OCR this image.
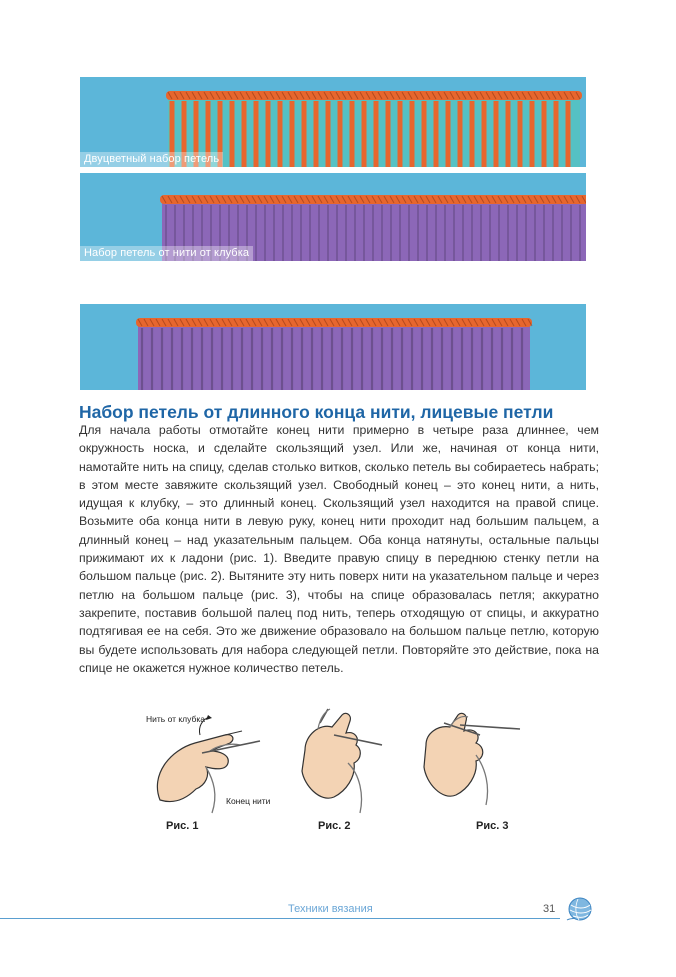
Двуцветный набор петель
Набор петель от нити от клубка
Набор петель от длинного конца нити, лицевые петли

Для начала работы отмотайте конец нити примерно в четыре раза длиннее, чем окружность носка, и сделайте скользящий узел. Или же, начиная от конца нити, намотайте нить на спицу, сделав столько витков, сколько петель вы собираетесь набрать; в этом месте завяжите скользящий узел. Свободный конец – это конец нити, а нить, идущая к клубку, – это длинный конец. Скользящий узел находится на правой спице. Возьмите оба конца нити в левую руку, конец нити проходит над большим пальцем, а длинный конец – над указательным пальцем. Оба конца натянуты, остальные пальцы прижимают их к ладони (рис. 1). Введите правую спицу в переднюю стенку петли на большом пальце (рис. 2). Вытяните эту нить поверх нити на указательном пальце и через петлю на большом пальце (рис. 3), чтобы на спице образовалась петля; аккуратно закрепите, поставив большой палец под нить, теперь отходящую от спицы, и аккуратно подтягивая ее на себя. Это же движение образовало на большом пальце петлю, которую вы будете использовать для набора следующей петли. Повторяйте это действие, пока на спице не окажется нужное количество петель.

Нить от клубка
Конец нити
Рис. 1	Рис. 2	Рис. 3
Техники вязания	31
